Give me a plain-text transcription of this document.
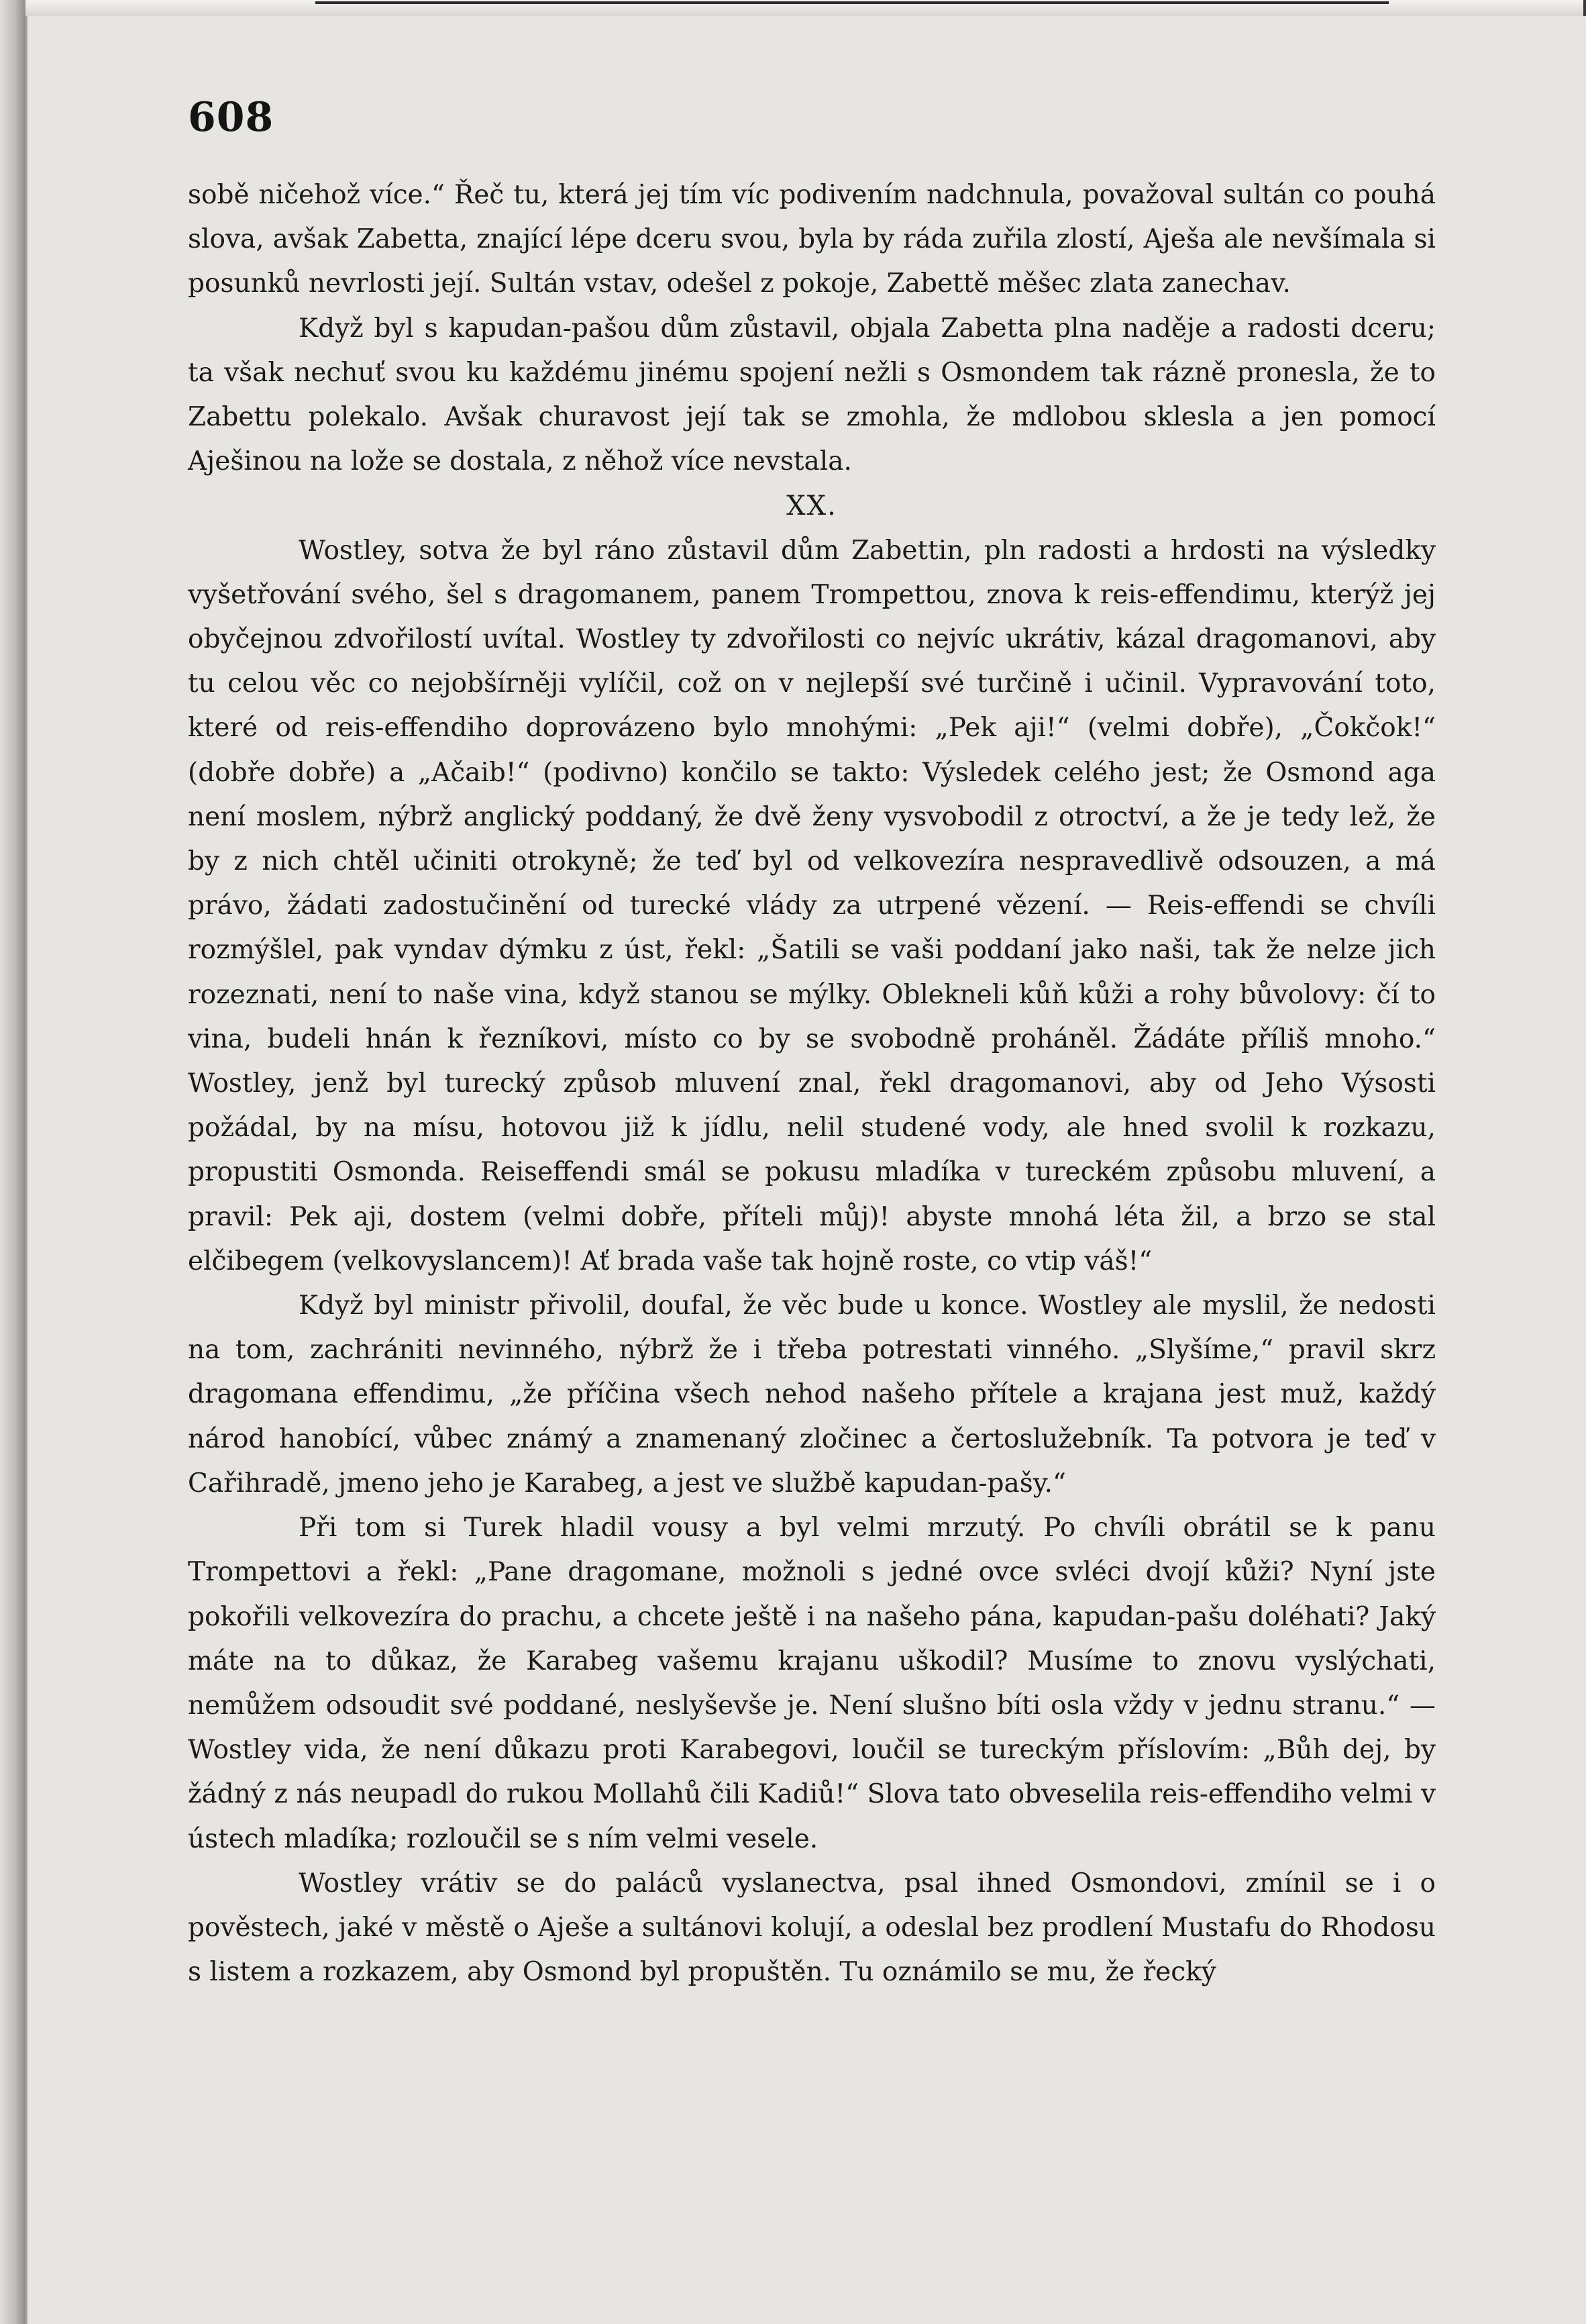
608

sobě ničehož více.“ Řeč tu, která jej tím víc podivením nadchnula, považoval sultán co pouhá slova, avšak Zabetta, znající lépe dceru svou, byla by ráda zuřila zlostí, Aješa ale nevšímala si posunků nevrlosti její. Sultán vstav, odešel z pokoje, Zabettě měšec zlata zanechav.

Když byl s kapudan-pašou dům zůstavil, objala Zabetta plna naděje a radosti dceru; ta však nechuť svou ku každému jinému spojení nežli s Osmondem tak rázně pronesla, že to Zabettu polekalo. Avšak churavost její tak se zmohla, že mdlobou sklesla a jen pomocí Aješinou na lože se dostala, z něhož více nevstala.

XX.

Wostley, sotva že byl ráno zůstavil dům Zabettin, pln radosti a hrdosti na výsledky vyšetřování svého, šel s dragomanem, panem Trompettou, znova k reis-effendimu, kterýž jej obyčejnou zdvořilostí uvítal. Wostley ty zdvořilosti co nejvíc ukrátiv, kázal dragomanovi, aby tu celou věc co nejobšírněji vylíčil, což on v nejlepší své turčině i učinil. Vypravování toto, které od reis-effendiho doprovázeno bylo mnohými: „Pek aji!“ (velmi dobře), „Čokčok!“ (dobře dobře) a „Ačaib!“ (podivno) končilo se takto: Výsledek celého jest; že Osmond aga není moslem, nýbrž anglický poddaný, že dvě ženy vysvobodil z otroctví, a že je tedy lež, že by z nich chtěl učiniti otrokyně; že teď byl od velkovezíra nespravedlivě odsouzen, a má právo, žádati zadostučinění od turecké vlády za utrpené vězení. — Reis-effendi se chvíli rozmýšlel, pak vyndav dýmku z úst, řekl: „Šatili se vaši poddaní jako naši, tak že nelze jich rozeznati, není to naše vina, když stanou se mýlky. Oblekneli kůň kůži a rohy bůvolovy: čí to vina, budeli hnán k řezníkovi, místo co by se svobodně proháněl. Žádáte příliš mnoho.“ Wostley, jenž byl turecký způsob mluvení znal, řekl dragomanovi, aby od Jeho Výsosti požádal, by na mísu, hotovou již k jídlu, nelil studené vody, ale hned svolil k rozkazu, propustiti Osmonda. Reiseffendi smál se pokusu mladíka v tureckém způsobu mluvení, a pravil: Pek aji, dostem (velmi dobře, příteli můj)! abyste mnohá léta žil, a brzo se stal elčibegem (velkovyslancem)! Ať brada vaše tak hojně roste, co vtip váš!“

Když byl ministr přivolil, doufal, že věc bude u konce. Wostley ale myslil, že nedosti na tom, zachrániti nevinného, nýbrž že i třeba potrestati vinného. „Slyšíme,“ pravil skrz dragomana effendimu, „že příčina všech nehod našeho přítele a krajana jest muž, každý národ hanobící, vůbec známý a znamenaný zločinec a čertoslužebník. Ta potvora je teď v Cařihradě, jmeno jeho je Karabeg, a jest ve službě kapudan-pašy.“

Při tom si Turek hladil vousy a byl velmi mrzutý. Po chvíli obrátil se k panu Trompettovi a řekl: „Pane dragomane, možnoli s jedné ovce svléci dvojí kůži? Nyní jste pokořili velkovezíra do prachu, a chcete ještě i na našeho pána, kapudan-pašu doléhati? Jaký máte na to důkaz, že Karabeg vašemu krajanu uškodil? Musíme to znovu vyslýchati, nemůžem odsoudit své poddané, neslyševše je. Není slušno bíti osla vždy v jednu stranu.“ — Wostley vida, že není důkazu proti Karabegovi, loučil se tureckým příslovím: „Bůh dej, by žádný z nás neupadl do rukou Mollahů čili Kadiů!“ Slova tato obveselila reis-effendiho velmi v ústech mladíka; rozloučil se s ním velmi vesele.

Wostley vrátiv se do paláců vyslanectva, psal ihned Osmondovi, zmínil se i o pověstech, jaké v městě o Aješe a sultánovi kolují, a odeslal bez prodlení Mustafu do Rhodosu s listem a rozkazem, aby Osmond byl propuštěn. Tu oznámilo se mu, že řecký
